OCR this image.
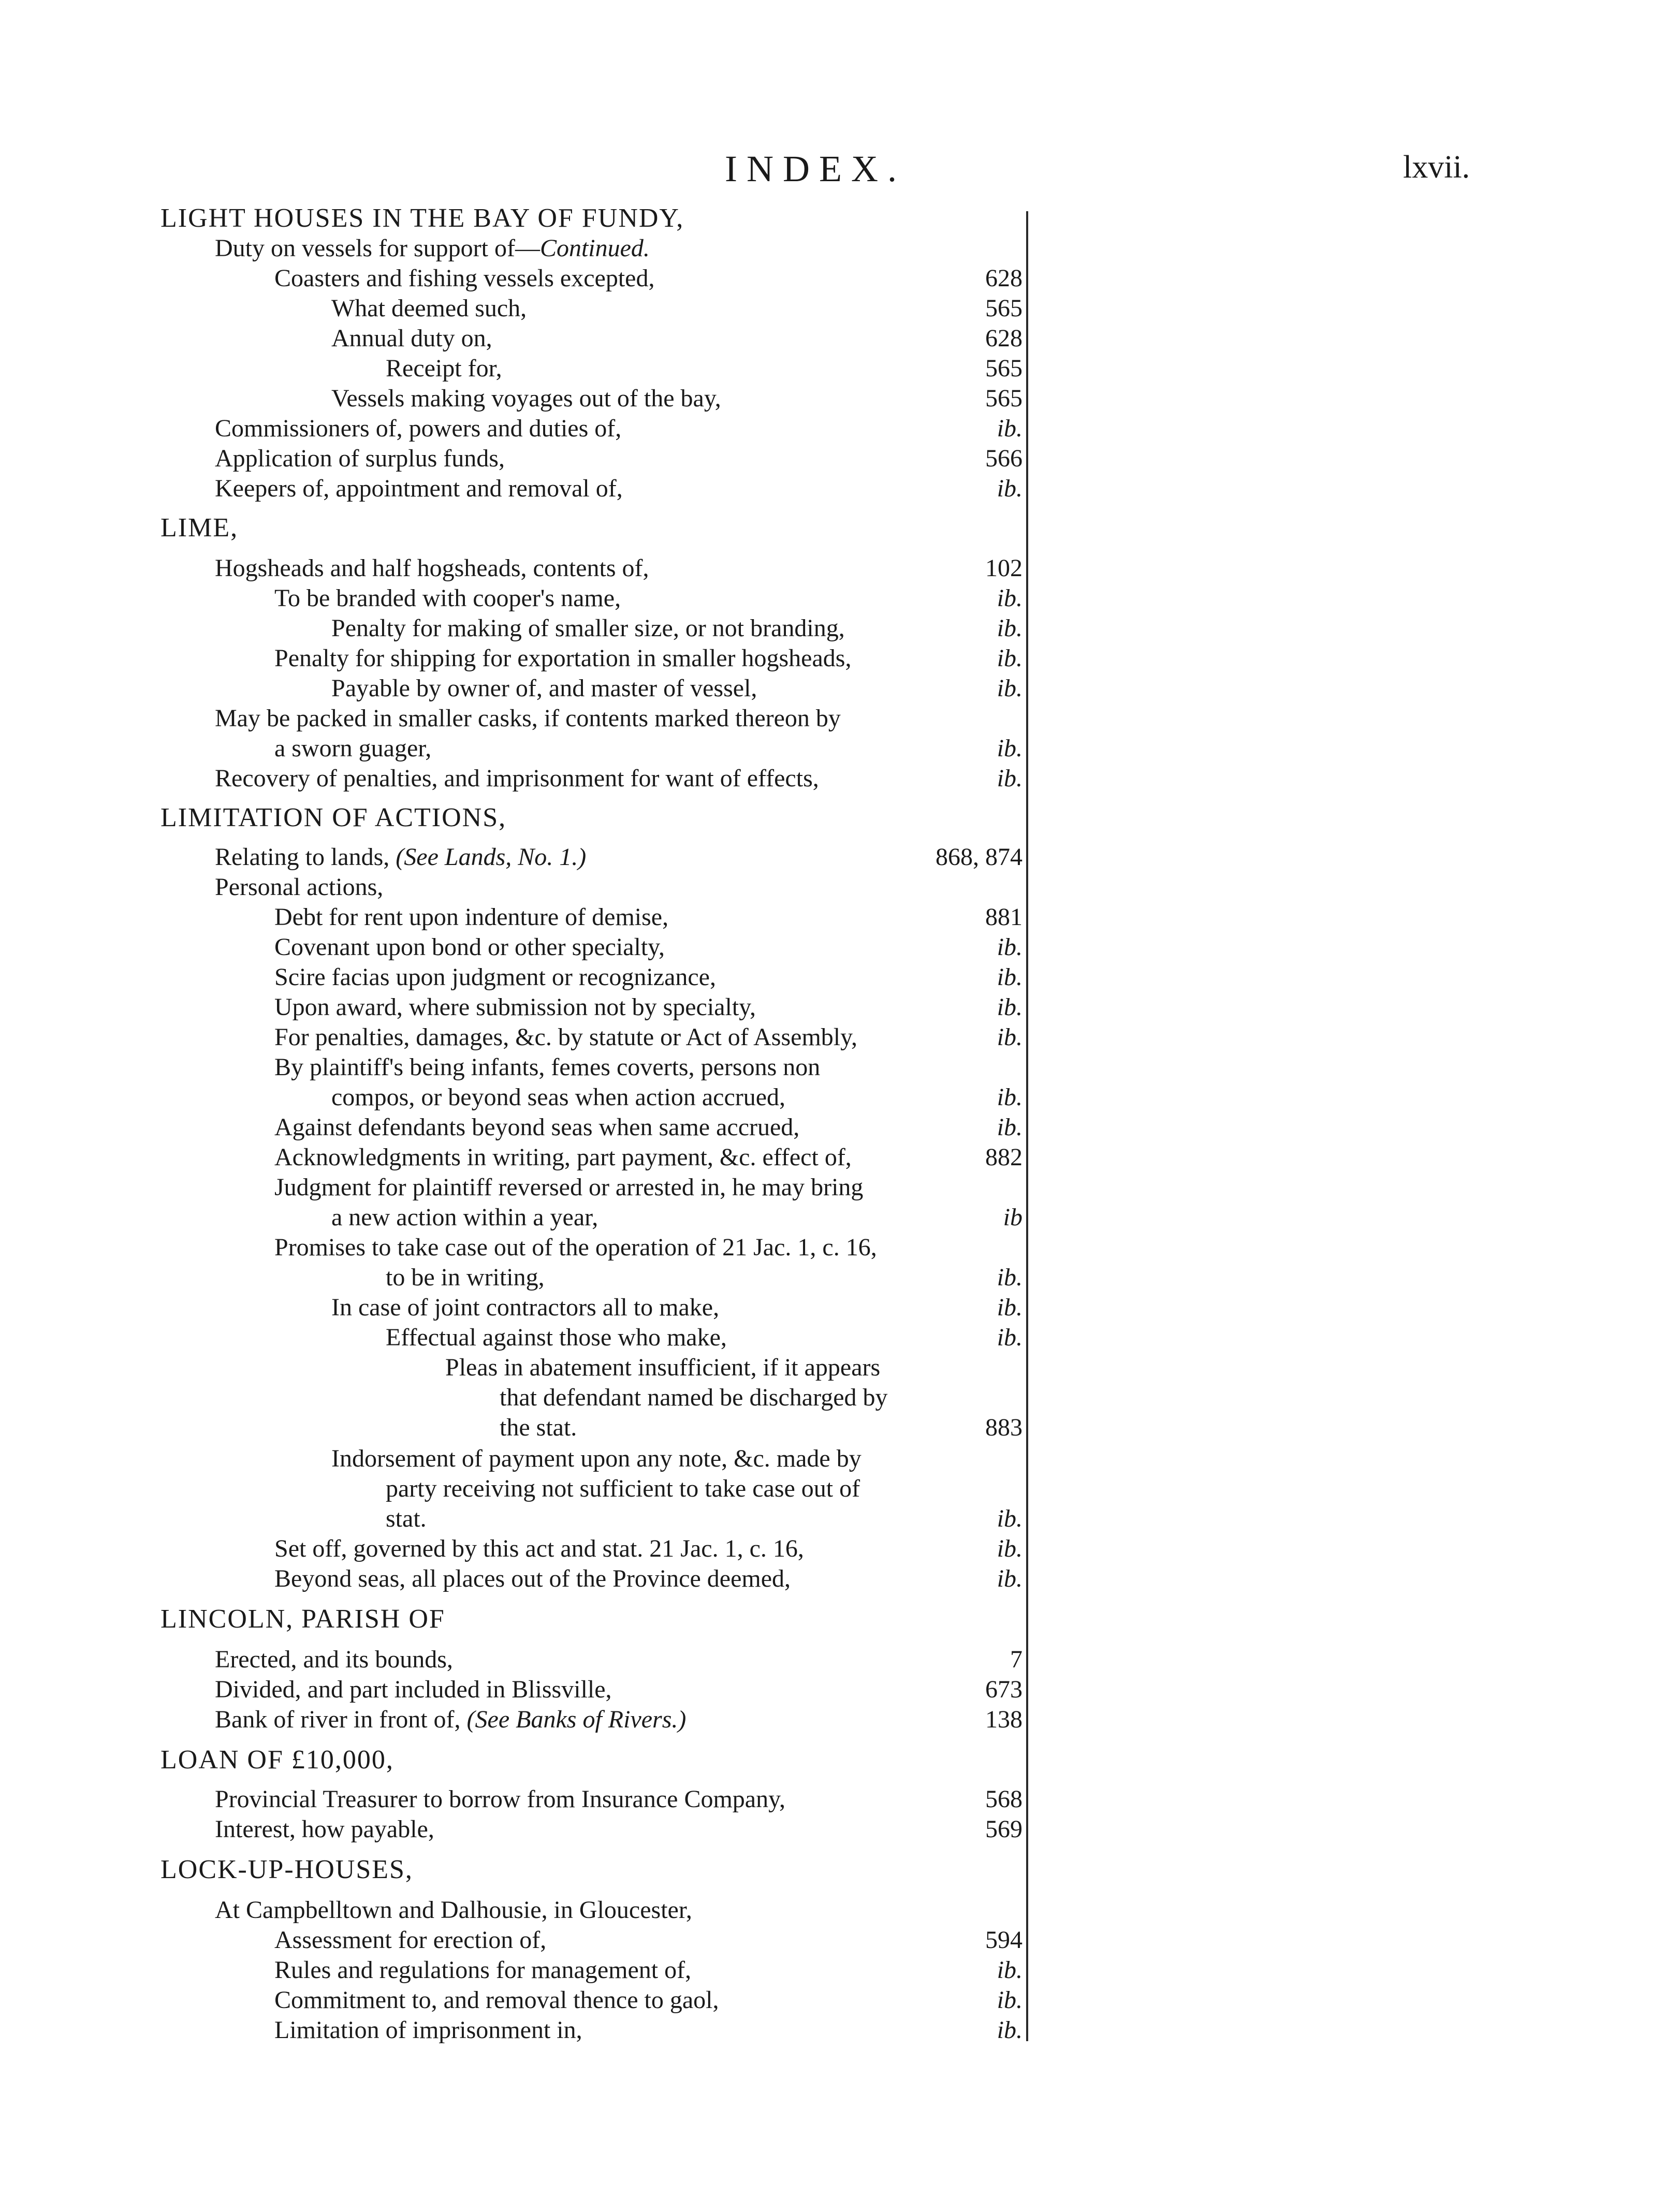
INDEX.	lxvii.
LIGHT HOUSES IN THE BAY OF FUNDY,
Duty on vessels for support of—Continued.
Coasters and fishing vessels excepted,	628
What deemed such,	565
Annual duty on,	628
Receipt for,	565
Vessels making voyages out of the bay,	565
Commissioners of, powers and duties of,	ib.
Application of surplus funds,	566
Keepers of, appointment and removal of,	ib.
LIME,
Hogsheads and half hogsheads, contents of,	102
To be branded with cooper's name,	ib.
Penalty for making of smaller size, or not branding,	ib.
Penalty for shipping for exportation in smaller hogsheads,	ib.
Payable by owner of, and master of vessel,	ib.
May be packed in smaller casks, if contents marked thereon by
a sworn guager,	ib.
Recovery of penalties, and imprisonment for want of effects,	ib.
LIMITATION OF ACTIONS,
Relating to lands, (See Lands, No. 1.)	868, 874
Personal actions,
Debt for rent upon indenture of demise,	881
Covenant upon bond or other specialty,	ib.
Scire facias upon judgment or recognizance,	ib.
Upon award, where submission not by specialty,	ib.
For penalties, damages, &c. by statute or Act of Assembly,	ib.
By plaintiff's being infants, femes coverts, persons non
compos, or beyond seas when action accrued,	ib.
Against defendants beyond seas when same accrued,	ib.
Acknowledgments in writing, part payment, &c. effect of,	882
Judgment for plaintiff reversed or arrested in, he may bring
a new action within a year,	ib
Promises to take case out of the operation of 21 Jac. 1, c. 16,
to be in writing,	ib.
In case of joint contractors all to make,	ib.
Effectual against those who make,	ib.
Pleas in abatement insufficient, if it appears
that defendant named be discharged by
the stat.	883
Indorsement of payment upon any note, &c. made by
party receiving not sufficient to take case out of
stat.	ib.
Set off, governed by this act and stat. 21 Jac. 1, c. 16,	ib.
Beyond seas, all places out of the Province deemed,	ib.
LINCOLN, PARISH OF
Erected, and its bounds,	7
Divided, and part included in Blissville,	673
Bank of river in front of, (See Banks of Rivers.)	138
LOAN OF £10,000,
Provincial Treasurer to borrow from Insurance Company,	568
Interest, how payable,	569
LOCK-UP-HOUSES,
At Campbelltown and Dalhousie, in Gloucester,
Assessment for erection of,	594
Rules and regulations for management of,	ib.
Commitment to, and removal thence to gaol,	ib.
Limitation of imprisonment in,	ib.
